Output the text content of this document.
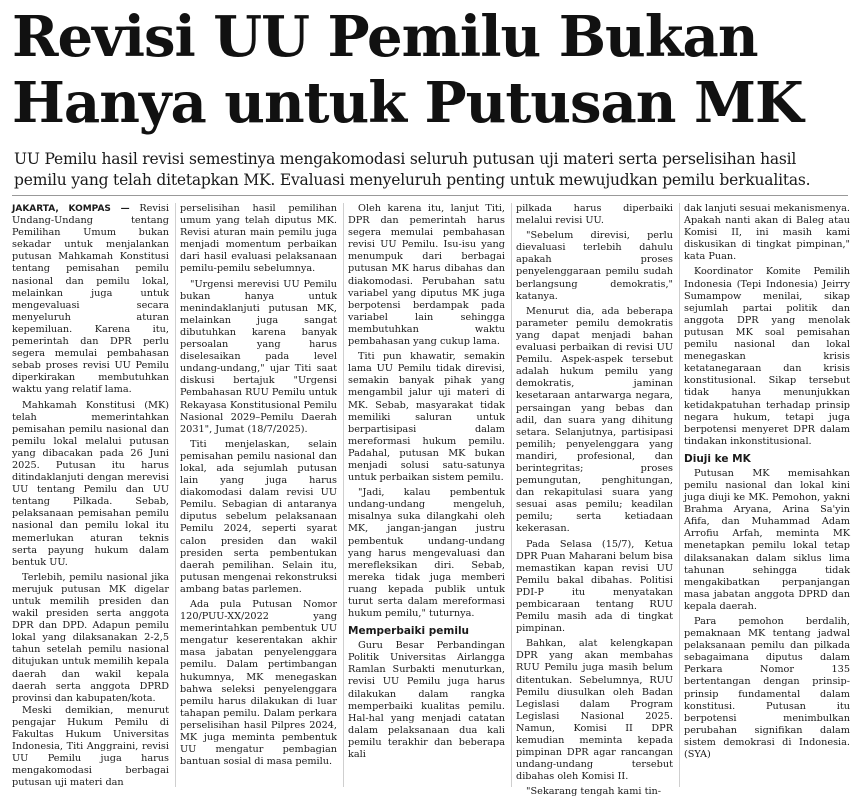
Revisi UU Pemilu Bukan
Hanya untuk Putusan MK

UU Pemilu hasil revisi semestinya mengakomodasi seluruh putusan uji materi serta perselisihan hasil pemilu yang telah ditetapkan MK. Evaluasi menyeluruh penting untuk mewujudkan pemilu berkualitas.

JAKARTA, KOMPAS — Revisi Undang-Undang tentang Pemilihan Umum bukan sekadar untuk menjalankan putusan Mahkamah Konstitusi tentang pemisahan pemilu nasional dan pemilu lokal, melainkan juga untuk mengevaluasi secara menyeluruh aturan kepemiluan. Karena itu, pemerintah dan DPR perlu segera memulai pembahasan sebab proses revisi UU Pemilu diperkirakan membutuhkan waktu yang relatif lama.

Mahkamah Konstitusi (MK) telah memerintahkan pemisahan pemilu nasional dan pemilu lokal melalui putusan yang dibacakan pada 26 Juni 2025. Putusan itu harus ditindaklanjuti dengan merevisi UU tentang Pemilu dan UU tentang Pilkada. Sebab, pelaksanaan pemisahan pemilu nasional dan pemilu lokal itu memerlukan aturan teknis serta payung hukum dalam bentuk UU.

Terlebih, pemilu nasional jika merujuk putusan MK digelar untuk memilih presiden dan wakil presiden serta anggota DPR dan DPD. Adapun pemilu lokal yang dilaksanakan 2-2,5 tahun setelah pemilu nasional ditujukan untuk memilih kepala daerah dan wakil kepala daerah serta anggota DPRD provinsi dan kabupaten/kota.

Meski demikian, menurut pengajar Hukum Pemilu di Fakultas Hukum Universitas Indonesia, Titi Anggraini, revisi UU Pemilu juga harus mengakomodasi berbagai putusan uji materi dan

perselisihan hasil pemilihan umum yang telah diputus MK. Revisi aturan main pemilu juga menjadi momentum perbaikan dari hasil evaluasi pelaksanaan pemilu-pemilu sebelumnya.

"Urgensi merevisi UU Pemilu bukan hanya untuk menindaklanjuti putusan MK, melainkan juga sangat dibutuhkan karena banyak persoalan yang harus diselesaikan pada level undang-undang," ujar Titi saat diskusi bertajuk "Urgensi Pembahasan RUU Pemilu untuk Rekayasa Konstitusional Pemilu Nasional 2029–Pemilu Daerah 2031", Jumat (18/7/2025).

Titi menjelaskan, selain pemisahan pemilu nasional dan lokal, ada sejumlah putusan lain yang juga harus diakomodasi dalam revisi UU Pemilu. Sebagian di antaranya diputus sebelum pelaksanaan Pemilu 2024, seperti syarat calon presiden dan wakil presiden serta pembentukan daerah pemilihan. Selain itu, putusan mengenai rekonstruksi ambang batas parlemen.

Ada pula Putusan Nomor 120/PUU-XX/2022 yang memerintahkan pembentuk UU mengatur keserentakan akhir masa jabatan penyelenggara pemilu. Dalam pertimbangan hukumnya, MK menegaskan bahwa seleksi penyelenggara pemilu harus dilakukan di luar tahapan pemilu. Dalam perkara perselisihan hasil Pilpres 2024, MK juga meminta pembentuk UU mengatur pembagian bantuan sosial di masa pemilu.

Oleh karena itu, lanjut Titi, DPR dan pemerintah harus segera memulai pembahasan revisi UU Pemilu. Isu-isu yang menumpuk dari berbagai putusan MK harus dibahas dan diakomodasi. Perubahan satu variabel yang diputus MK juga berpotensi berdampak pada variabel lain sehingga membutuhkan waktu pembahasan yang cukup lama.

Titi pun khawatir, semakin lama UU Pemilu tidak direvisi, semakin banyak pihak yang mengambil jalur uji materi di MK. Sebab, masyarakat tidak memiliki saluran untuk berpartisipasi dalam mereformasi hukum pemilu. Padahal, putusan MK bukan menjadi solusi satu-satunya untuk perbaikan sistem pemilu.

"Jadi, kalau pembentuk undang-undang mengeluh, misalnya suka dilangkahi oleh MK, jangan-jangan justru pembentuk undang-undang yang harus mengevaluasi dan merefleksikan diri. Sebab, mereka tidak juga memberi ruang kepada publik untuk turut serta dalam mereformasi hukum pemilu," tuturnya.

Memperbaiki pemilu

Guru Besar Perbandingan Politik Universitas Airlangga Ramlan Surbakti menuturkan, revisi UU Pemilu juga harus dilakukan dalam rangka memperbaiki kualitas pemilu. Hal-hal yang menjadi catatan dalam pelaksanaan dua kali pemilu terakhir dan beberapa kali

pilkada harus diperbaiki melalui revisi UU.

"Sebelum direvisi, perlu dievaluasi terlebih dahulu apakah proses penyelenggaraan pemilu sudah berlangsung demokratis," katanya.

Menurut dia, ada beberapa parameter pemilu demokratis yang dapat menjadi bahan evaluasi perbaikan di revisi UU Pemilu. Aspek-aspek tersebut adalah hukum pemilu yang demokratis, jaminan kesetaraan antarwarga negara, persaingan yang bebas dan adil, dan suara yang dihitung setara. Selanjutnya, partisipasi pemilih; penyelenggara yang mandiri, profesional, dan berintegritas; proses pemungutan, penghitungan, dan rekapitulasi suara yang sesuai asas pemilu; keadilan pemilu; serta ketiadaan kekerasan.

Pada Selasa (15/7), Ketua DPR Puan Maharani belum bisa memastikan kapan revisi UU Pemilu bakal dibahas. Politisi PDI-P itu menyatakan pembicaraan tentang RUU Pemilu masih ada di tingkat pimpinan.

Bahkan, alat kelengkapan DPR yang akan membahas RUU Pemilu juga masih belum ditentukan. Sebelumnya, RUU Pemilu diusulkan oleh Badan Legislasi dalam Program Legislasi Nasional 2025. Namun, Komisi II DPR kemudian meminta kepada pimpinan DPR agar rancangan undang-undang tersebut dibahas oleh Komisi II.

"Sekarang tengah kami tin-

dak lanjuti sesuai mekanismenya. Apakah nanti akan di Baleg atau Komisi II, ini masih kami diskusikan di tingkat pimpinan," kata Puan.

Koordinator Komite Pemilih Indonesia (Tepi Indonesia) Jeirry Sumampow menilai, sikap sejumlah partai politik dan anggota DPR yang menolak putusan MK soal pemisahan pemilu nasional dan lokal menegaskan krisis ketatanegaraan dan krisis konstitusional. Sikap tersebut tidak hanya menunjukkan ketidakpatuhan terhadap prinsip negara hukum, tetapi juga berpotensi menyeret DPR dalam tindakan inkonstitusional.

Diuji ke MK

Putusan MK memisahkan pemilu nasional dan lokal kini juga diuji ke MK. Pemohon, yakni Brahma Aryana, Arina Sa'yin Afifa, dan Muhammad Adam Arrofiu Arfah, meminta MK menetapkan pemilu lokal tetap dilaksanakan dalam siklus lima tahunan sehingga tidak mengakibatkan perpanjangan masa jabatan anggota DPRD dan kepala daerah.

Para pemohon berdalih, pemaknaan MK tentang jadwal pelaksanaan pemilu dan pilkada sebagaimana diputus dalam Perkara Nomor 135 bertentangan dengan prinsip-prinsip fundamental dalam konstitusi. Putusan itu berpotensi menimbulkan perubahan signifikan dalam sistem demokrasi di Indonesia. (SYA)
